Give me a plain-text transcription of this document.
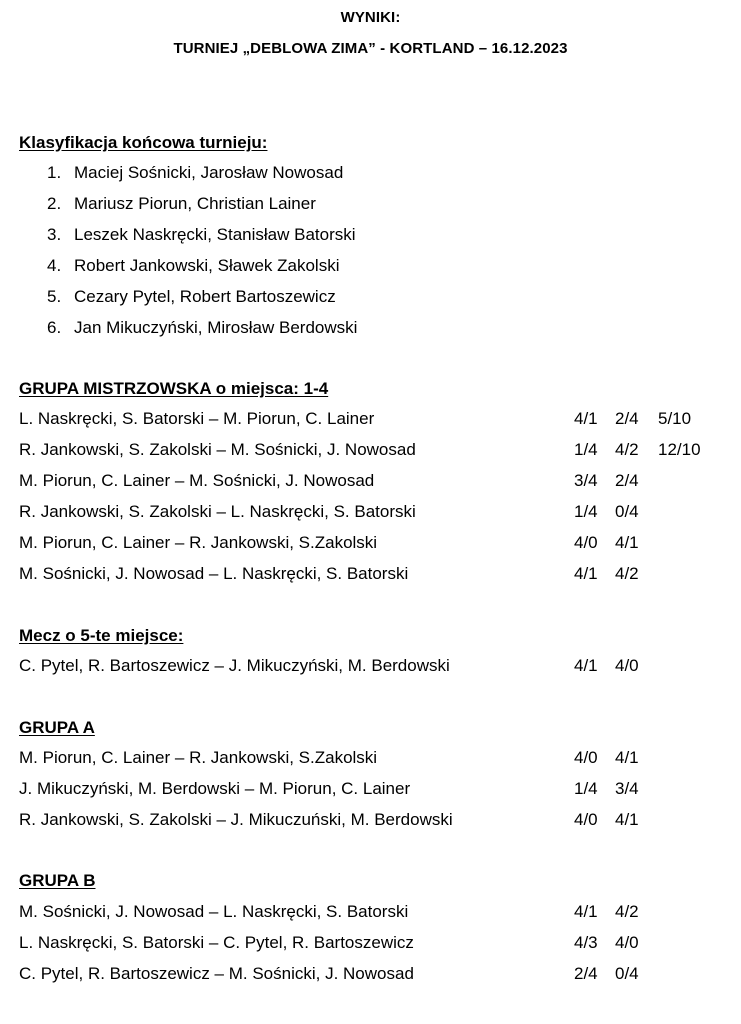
WYNIKI:
TURNIEJ „DEBLOWA ZIMA” - KORTLAND – 16.12.2023
Klasyfikacja końcowa turnieju:
1. Maciej Sośnicki, Jarosław Nowosad
2. Mariusz Piorun, Christian Lainer
3. Leszek Naskręcki, Stanisław Batorski
4. Robert Jankowski, Sławek Zakolski
5. Cezary Pytel, Robert Bartoszewicz
6. Jan Mikuczyński, Mirosław Berdowski
GRUPA MISTRZOWSKA o miejsca: 1-4
L. Naskręcki, S. Batorski – M. Piorun, C. Lainer	4/1 2/4 5/10
R. Jankowski, S. Zakolski – M. Sośnicki, J. Nowosad	1/4 4/2 12/10
M. Piorun, C. Lainer – M. Sośnicki, J. Nowosad	3/4 2/4
R. Jankowski, S. Zakolski – L. Naskręcki, S. Batorski	1/4 0/4
M. Piorun, C. Lainer – R. Jankowski, S.Zakolski	4/0 4/1
M. Sośnicki, J. Nowosad – L. Naskręcki, S. Batorski	4/1 4/2
Mecz o 5-te miejsce:
C. Pytel, R. Bartoszewicz – J. Mikuczyński, M. Berdowski	4/1 4/0
GRUPA A
M. Piorun, C. Lainer – R. Jankowski, S.Zakolski	4/0 4/1
J. Mikuczyński, M. Berdowski – M. Piorun, C. Lainer	1/4 3/4
R. Jankowski, S. Zakolski – J. Mikuczuński, M. Berdowski	4/0 4/1
GRUPA B
M. Sośnicki, J. Nowosad – L. Naskręcki, S. Batorski	4/1 4/2
L. Naskręcki, S. Batorski – C. Pytel, R. Bartoszewicz	4/3 4/0
C. Pytel, R. Bartoszewicz – M. Sośnicki, J. Nowosad	2/4 0/4
